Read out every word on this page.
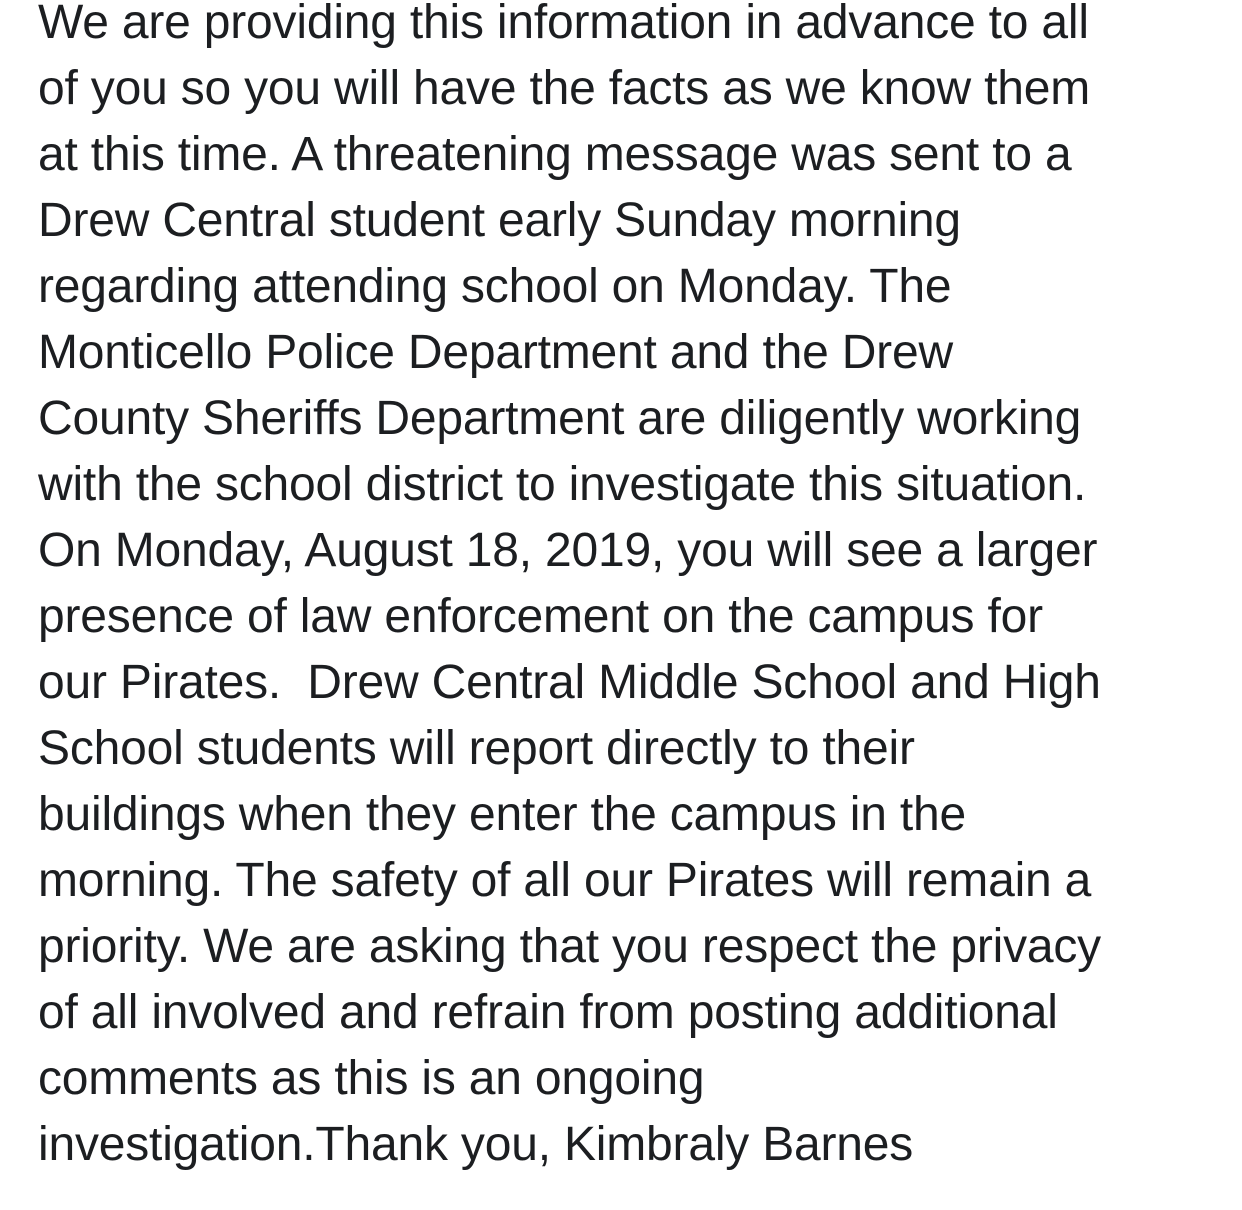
We are providing this information in advance to all
of you so you will have the facts as we know them
at this time. A threatening message was sent to a
Drew Central student early Sunday morning
regarding attending school on Monday. The
Monticello Police Department and the Drew
County Sheriffs Department are diligently working
with the school district to investigate this situation.
On Monday, August 18, 2019, you will see a larger
presence of law enforcement on the campus for
our Pirates.  Drew Central Middle School and High
School students will report directly to their
buildings when they enter the campus in the
morning. The safety of all our Pirates will remain a
priority. We are asking that you respect the privacy
of all involved and refrain from posting additional
comments as this is an ongoing
investigation.Thank you, Kimbraly Barnes
